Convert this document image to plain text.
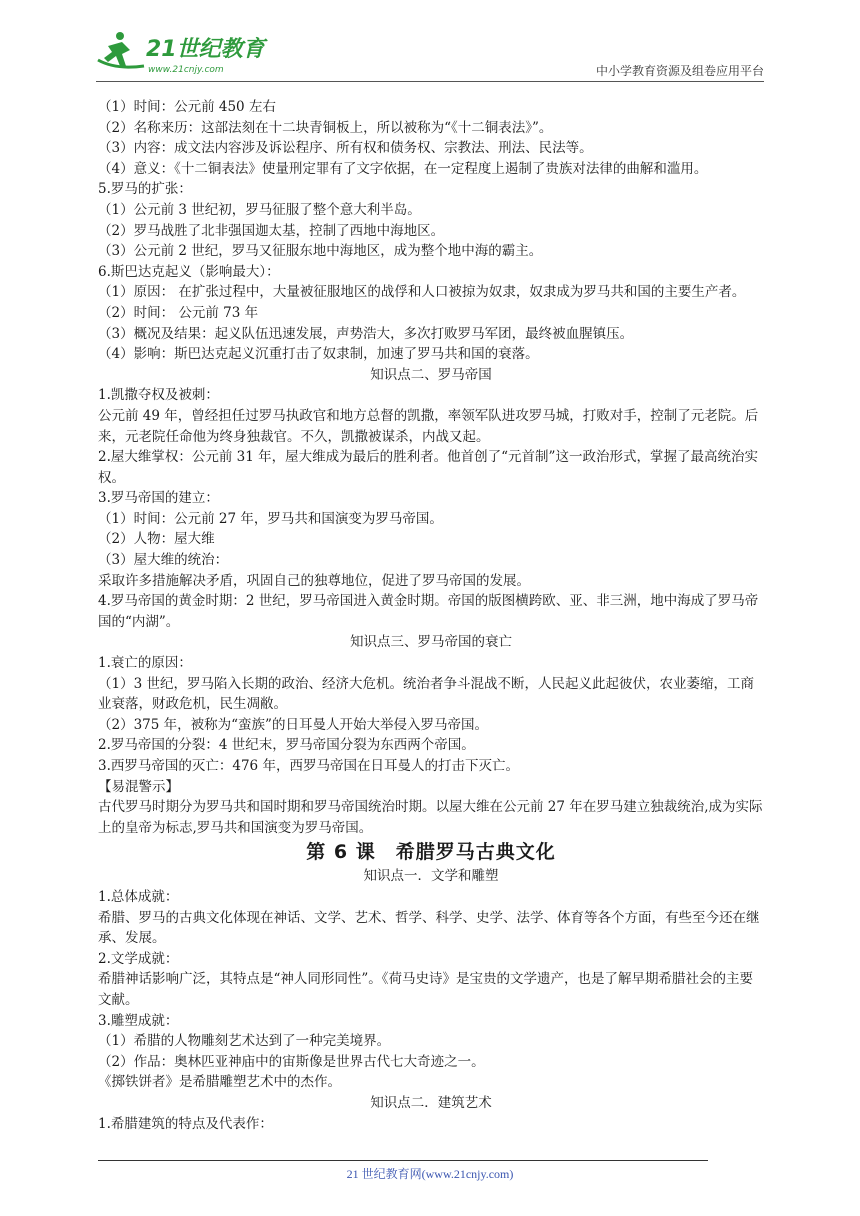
21世纪教育
www.21cnjy.com	中小学教育资源及组卷应用平台
（1）时间：公元前 450 左右
（2）名称来历：这部法刻在十二块青铜板上，所以被称为“《十二铜表法》”。
（3）内容：成文法内容涉及诉讼程序、所有权和债务权、宗教法、刑法、民法等。
（4）意义：《十二铜表法》使量刑定罪有了文字依据，在一定程度上遏制了贵族对法律的曲解和滥用。
5.罗马的扩张：
（1）公元前 3 世纪初，罗马征服了整个意大利半岛。
（2）罗马战胜了北非强国迦太基，控制了西地中海地区。
（3）公元前 2 世纪，罗马又征服东地中海地区，成为整个地中海的霸主。
6.斯巴达克起义（影响最大）：
（1）原因： 在扩张过程中，大量被征服地区的战俘和人口被掠为奴隶，奴隶成为罗马共和国的主要生产者。
（2）时间： 公元前 73 年
（3）概况及结果：起义队伍迅速发展，声势浩大，多次打败罗马军团，最终被血腥镇压。
（4）影响：斯巴达克起义沉重打击了奴隶制，加速了罗马共和国的衰落。
知识点二、罗马帝国
1.凯撒夺权及被刺：
公元前 49 年，曾经担任过罗马执政官和地方总督的凯撒，率领军队进攻罗马城，打败对手，控制了元老院。后来，元老院任命他为终身独裁官。不久，凯撒被谋杀，内战又起。
2.屋大维掌权：公元前 31 年，屋大维成为最后的胜利者。他首创了“元首制”这一政治形式，掌握了最高统治实权。
3.罗马帝国的建立：
（1）时间：公元前 27 年，罗马共和国演变为罗马帝国。
（2）人物：屋大维
（3）屋大维的统治：
采取许多措施解决矛盾，巩固自己的独尊地位，促进了罗马帝国的发展。
4.罗马帝国的黄金时期：2 世纪，罗马帝国进入黄金时期。帝国的版图横跨欧、亚、非三洲，地中海成了罗马帝国的“内湖”。
知识点三、罗马帝国的衰亡
1.衰亡的原因：
（1）3 世纪，罗马陷入长期的政治、经济大危机。统治者争斗混战不断，人民起义此起彼伏，农业萎缩，工商业衰落，财政危机，民生凋敝。
（2）375 年，被称为“蛮族”的日耳曼人开始大举侵入罗马帝国。
2.罗马帝国的分裂：4 世纪末，罗马帝国分裂为东西两个帝国。
3.西罗马帝国的灭亡：476 年，西罗马帝国在日耳曼人的打击下灭亡。
【易混警示】
古代罗马时期分为罗马共和国时期和罗马帝国统治时期。以屋大维在公元前 27 年在罗马建立独裁统治,成为实际上的皇帝为标志,罗马共和国演变为罗马帝国。
第 6 课　希腊罗马古典文化
知识点一．文学和雕塑
1.总体成就：
希腊、罗马的古典文化体现在神话、文学、艺术、哲学、科学、史学、法学、体育等各个方面，有些至今还在继承、发展。
2.文学成就：
希腊神话影响广泛，其特点是“神人同形同性”。《荷马史诗》是宝贵的文学遗产，也是了解早期希腊社会的主要文献。
3.雕塑成就：
（1）希腊的人物雕刻艺术达到了一种完美境界。
（2）作品：奥林匹亚神庙中的宙斯像是世界古代七大奇迹之一。
《掷铁饼者》是希腊雕塑艺术中的杰作。
知识点二．建筑艺术
1.希腊建筑的特点及代表作：
21 世纪教育网(www.21cnjy.com)
